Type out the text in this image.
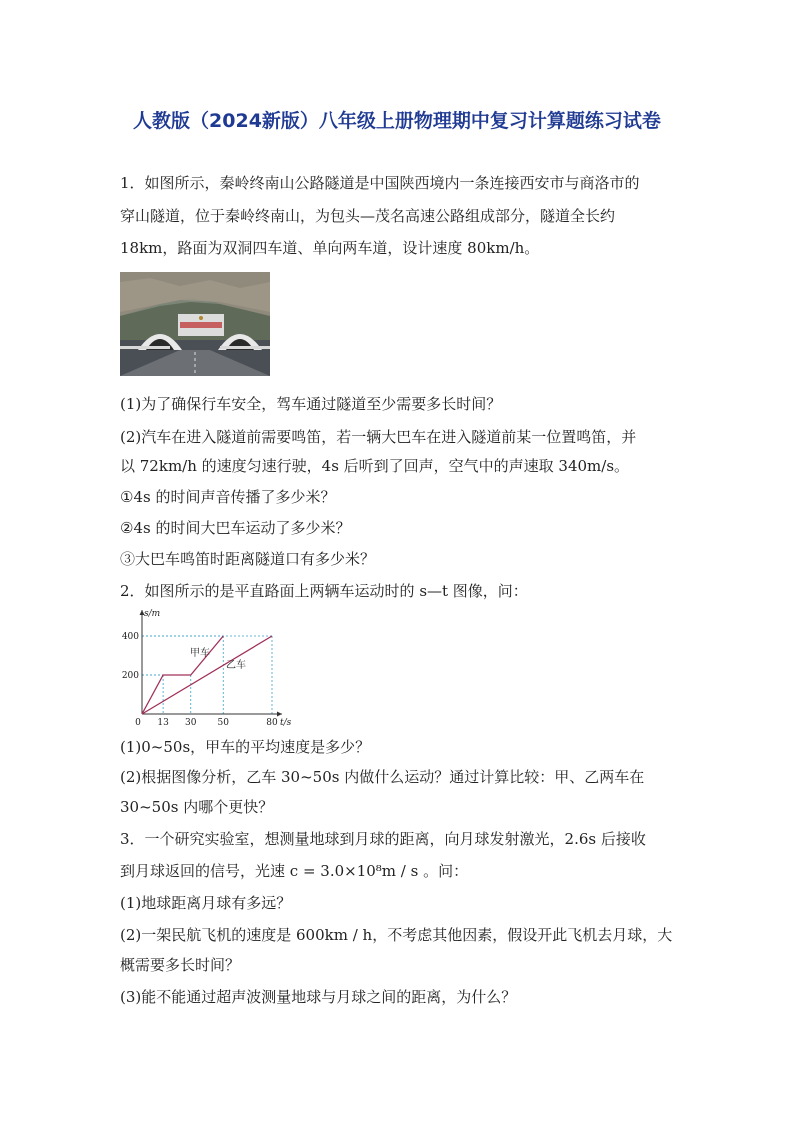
人教版（2024新版）八年级上册物理期中复习计算题练习试卷
1．如图所示，秦岭终南山公路隧道是中国陕西境内一条连接西安市与商洛市的
穿山隧道，位于秦岭终南山，为包头—茂名高速公路组成部分，隧道全长约
18km，路面为双洞四车道、单向两车道，设计速度 80km/h。
(1)为了确保行车安全，驾车通过隧道至少需要多长时间？
(2)汽车在进入隧道前需要鸣笛，若一辆大巴车在进入隧道前某一位置鸣笛，并
以 72km/h 的速度匀速行驶，4s 后听到了回声，空气中的声速取 340m/s。
①4s 的时间声音传播了多少米？
②4s 的时间大巴车运动了多少米？
③大巴车鸣笛时距离隧道口有多少米？
2．如图所示的是平直路面上两辆车运动时的 s—t 图像，问：
0 13 30 50	80
200
400
t/s
s/m
甲车
乙车
(1)0~50s，甲车的平均速度是多少？
(2)根据图像分析，乙车 30~50s 内做什么运动？通过计算比较：甲、乙两车在
30~50s 内哪个更快？
3．一个研究实验室，想测量地球到月球的距离，向月球发射激光，2.6s 后接收
到月球返回的信号，光速 c = 3.0×10⁸m / s 。问：
(1)地球距离月球有多远？
(2)一架民航飞机的速度是 600km / h，不考虑其他因素，假设开此飞机去月球，大
概需要多长时间？
(3)能不能通过超声波测量地球与月球之间的距离，为什么？
